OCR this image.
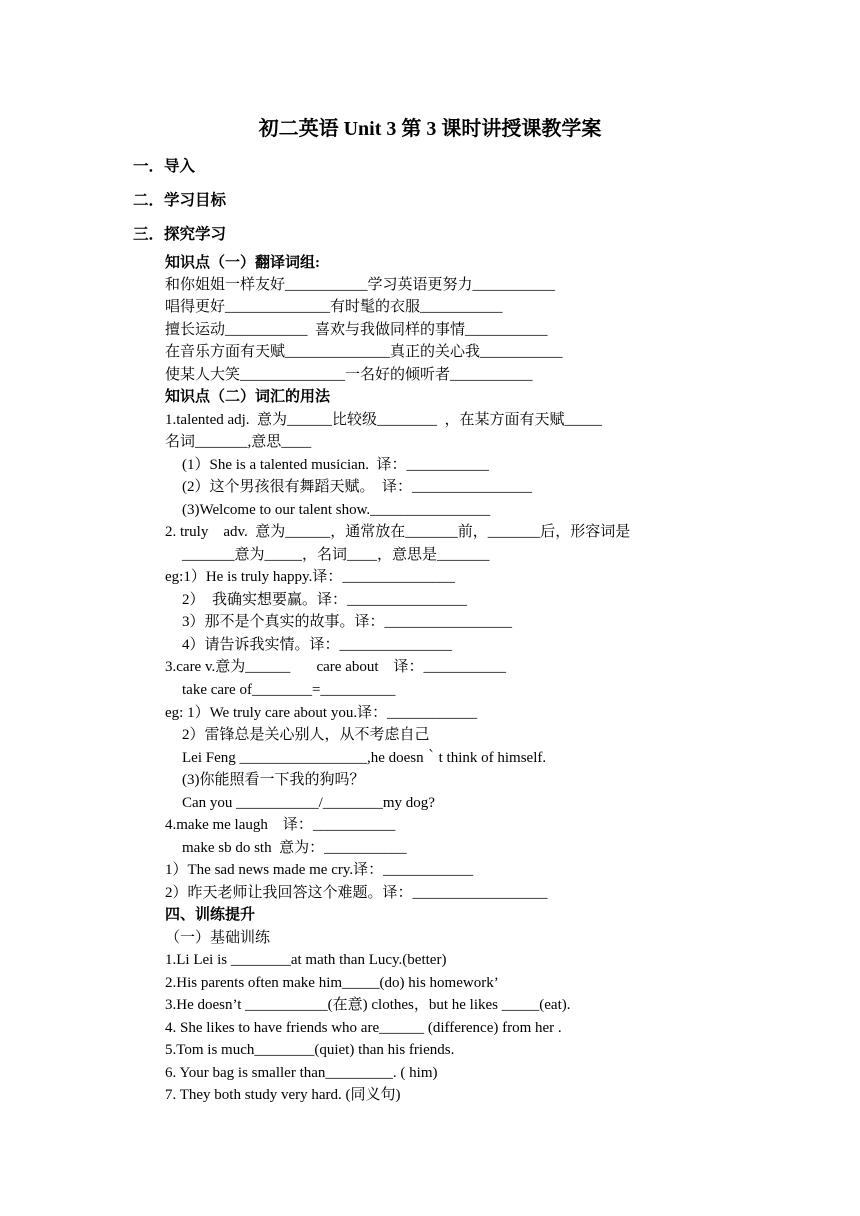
初二英语 Unit 3 第 3 课时讲授课教学案
一．导入
二．学习目标
三．探究学习
知识点（一）翻译词组:
和你姐姐一样友好___________学习英语更努力___________
唱得更好______________有时髦的衣服___________
擅长运动___________  喜欢与我做同样的事情___________
在音乐方面有天赋______________真正的关心我___________
使某人大笑______________一名好的倾听者___________
知识点（二）词汇的用法
1.talented adj.  意为______比较级________  ，在某方面有天赋_____
名词_______,意思____
(1）She is a talented musician.  译：___________
(2）这个男孩很有舞蹈天赋。  译：________________
(3)Welcome to our talent show.________________
2. truly    adv.  意为______，通常放在_______前，_______后，形容词是
_______意为_____，名词____，意思是_______
eg:1）He is truly happy.译：_______________
2）  我确实想要赢。译：________________
3）那不是个真实的故事。译：_________________
4）请告诉我实情。译：_______________
3.care v.意为______       care about    译：___________
take care of________=__________
eg: 1）We truly care about you.译：____________
2）雷锋总是关心别人，从不考虑自己
Lei Feng _________________,he doesn｀t think of himself.
(3)你能照看一下我的狗吗？
Can you ___________/________my dog?
4.make me laugh    译：___________
make sb do sth  意为：___________
1）The sad news made me cry.译：____________
2）昨天老师让我回答这个难题。译：__________________
四、训练提升
（一）基础训练
1.Li Lei is ________at math than Lucy.(better)
2.His parents often make him_____(do) his homework’
3.He doesn’t ___________(在意) clothes，but he likes _____(eat).
4. She likes to have friends who are______ (difference) from her .
5.Tom is much________(quiet) than his friends.
6. Your bag is smaller than_________. ( him)
7. They both study very hard. (同义句)
